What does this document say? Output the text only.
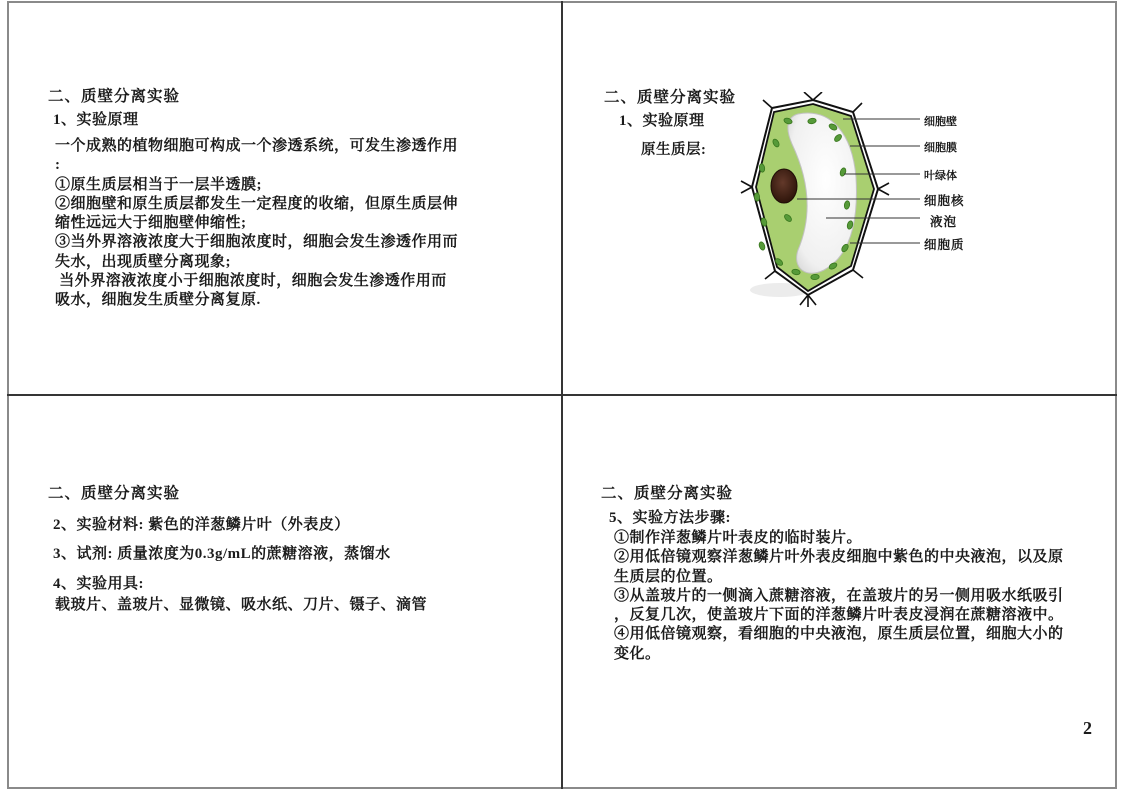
二、质壁分离实验
1、实验原理
一个成熟的植物细胞可构成一个渗透系统，可发生渗透作用
:
①原生质层相当于一层半透膜;
②细胞壁和原生质层都发生一定程度的收缩，但原生质层伸
缩性远远大于细胞壁伸缩性;
③当外界溶液浓度大于细胞浓度时，细胞会发生渗透作用而
失水，出现质壁分离现象;
当外界溶液浓度小于细胞浓度时，细胞会发生渗透作用而
吸水，细胞发生质壁分离复原.
二、质壁分离实验
1、实验原理
原生质层:
细胞壁
细胞膜
叶绿体
细胞核
液泡
细胞质
二、质壁分离实验
2、实验材料: 紫色的洋葱鳞片叶（外表皮）
3、试剂: 质量浓度为0.3g/mL的蔗糖溶液，蒸馏水
4、实验用具:
载玻片、盖玻片、显微镜、吸水纸、刀片、镊子、滴管
二、质壁分离实验
5、实验方法步骤:
①制作洋葱鳞片叶表皮的临时装片。
②用低倍镜观察洋葱鳞片叶外表皮细胞中紫色的中央液泡，以及原
生质层的位置。
③从盖玻片的一侧滴入蔗糖溶液，在盖玻片的另一侧用吸水纸吸引
，反复几次，使盖玻片下面的洋葱鳞片叶表皮浸润在蔗糖溶液中。
④用低倍镜观察，看细胞的中央液泡，原生质层位置，细胞大小的
变化。
2
